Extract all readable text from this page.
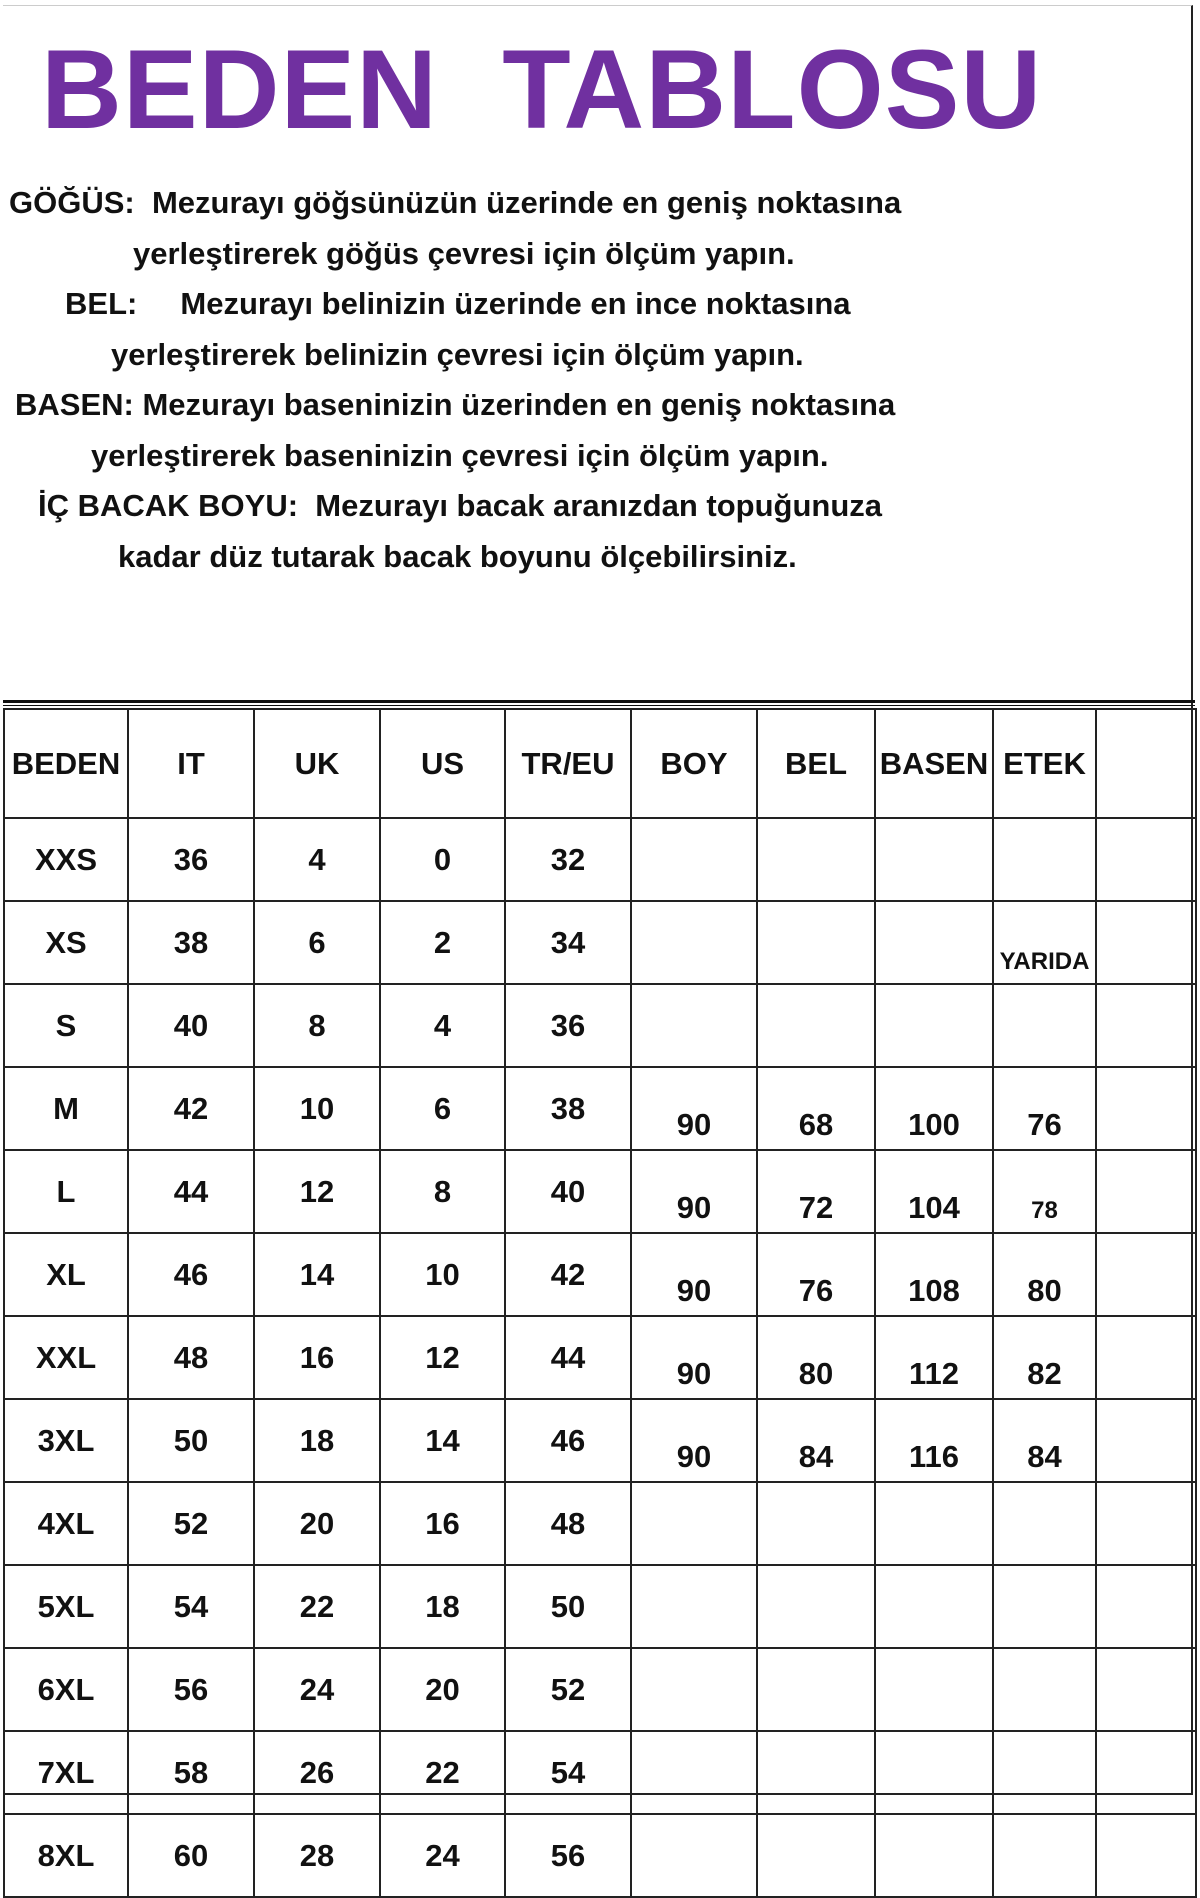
BEDEN  TABLOSU
GÖĞÜS:  Mezurayı göğsünüzün üzerinde en geniş noktasına
yerleştirerek göğüs çevresi için ölçüm yapın.
BEL:     Mezurayı belinizin üzerinde en ince noktasına
yerleştirerek belinizin çevresi için ölçüm yapın.
BASEN: Mezurayı baseninizin üzerinden en geniş noktasına
yerleştirerek baseninizin çevresi için ölçüm yapın.
İÇ BACAK BOYU:  Mezurayı bacak aranızdan topuğunuza
kadar düz tutarak bacak boyunu ölçebilirsiniz.
BEDEN	IT	UK	US	TR/EU	BOY	BEL	BASEN	ETEK	
XXS	36	4	0	32					
XS	38	6	2	34				YARIDA	
S	40	8	4	36					
M	42	10	6	38	90	68	100	76	
L	44	12	8	40	90	72	104	78	
XL	46	14	10	42	90	76	108	80	
XXL	48	16	12	44	90	80	112	82	
3XL	50	18	14	46	90	84	116	84	
4XL	52	20	16	48					
5XL	54	22	18	50					
6XL	56	24	20	52					
7XL	58	26	22	54					
8XL	60	28	24	56					
